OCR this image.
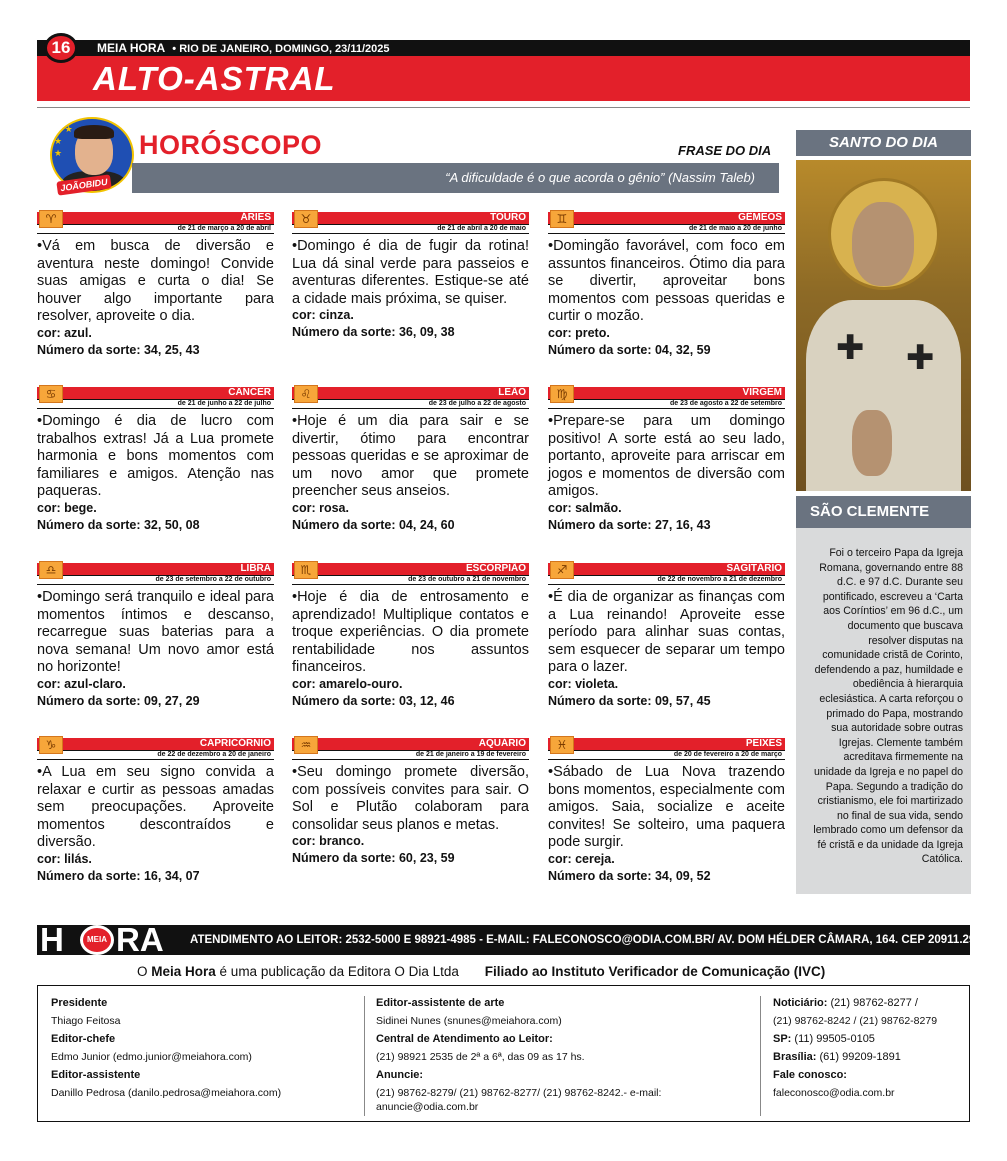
MEIA HORA • RIO DE JANEIRO, DOMINGO, 23/11/2025
16
ALTO-ASTRAL
★ ★
★
★
JOÃOBIDU
HORÓSCOPO	FRASE DO DIA
“A dificuldade é o que acorda o gênio” (Nassim Taleb)
♈	ÁRIES
de 21 de março a 20 de abril
•Vá em busca de diversão e aventura neste domingo! Convide suas amigas e curta o dia! Se houver algo importante para resolver, aproveite o dia.
cor: azul.
Número da sorte: 34, 25, 43
♉	TOURO
de 21 de abril a 20 de maio
•Domingo é dia de fugir da rotina! Lua dá sinal verde para passeios e aventuras diferentes. Estique-se até a cidade mais próxima, se quiser.
cor: cinza.
Número da sorte: 36, 09, 38
♊	GÊMEOS
de 21 de maio a 20 de junho
•Domingão favorável, com foco em assuntos financeiros. Ótimo dia para se divertir, aproveitar bons momentos com pessoas queridas e curtir o mozão.
cor: preto.
Número da sorte: 04, 32, 59
♋	CÂNCER
de 21 de junho a 22 de julho
•Domingo é dia de lucro com trabalhos extras! Já a Lua promete harmonia e bons momentos com familiares e amigos. Atenção nas paqueras.
cor: bege.
Número da sorte: 32, 50, 08
♌	LEÃO
de 23 de julho a 22 de agosto
•Hoje é um dia para sair e se divertir, ótimo para encontrar pessoas queridas e se aproximar de um novo amor que promete preencher seus anseios.
cor: rosa.
Número da sorte: 04, 24, 60
♍	VIRGEM
de 23 de agosto a 22 de setembro
•Prepare-se para um domingo positivo! A sorte está ao seu lado, portanto, aproveite para arriscar em jogos e momentos de diversão com amigos.
cor: salmão.
Número da sorte: 27, 16, 43
♎	LIBRA
de 23 de setembro a 22 de outubro
•Domingo será tranquilo e ideal para momentos íntimos e descanso, recarregue suas baterias para a nova semana! Um novo amor está no horizonte!
cor: azul-claro.
Número da sorte: 09, 27, 29
♏	ESCORPIÃO
de 23 de outubro a 21 de novembro
•Hoje é dia de entrosamento e aprendizado! Multiplique contatos e troque experiências. O dia promete rentabilidade nos assuntos financeiros.
cor: amarelo-ouro.
Número da sorte: 03, 12, 46
♐	SAGITÁRIO
de 22 de novembro a 21 de dezembro
•É dia de organizar as finanças com a Lua reinando! Aproveite esse período para alinhar suas contas, sem esquecer de separar um tempo para o lazer.
cor: violeta.
Número da sorte: 09, 57, 45
♑	CAPRICÓRNIO
de 22 de dezembro a 20 de janeiro
•A Lua em seu signo convida a relaxar e curtir as pessoas amadas sem preocupações. Aproveite momentos descontraídos e diversão.
cor: lilás.
Número da sorte: 16, 34, 07
♒	AQUÁRIO
de 21 de janeiro a 19 de fevereiro
•Seu domingo promete diversão, com possíveis convites para sair. O Sol e Plutão colaboram para consolidar seus planos e metas.
cor: branco.
Número da sorte: 60, 23, 59
♓	PEIXES
de 20 de fevereiro a 20 de março
•Sábado de Lua Nova trazendo bons momentos, especialmente com amigos. Saia, socialize e aceite convites! Se solteiro, uma paquera pode surgir.
cor: cereja.
Número da sorte: 34, 09, 52
SANTO DO DIA
✚ ✚
SÃO CLEMENTE
Foi o terceiro Papa da Igreja Romana, governando entre 88 d.C. e 97 d.C. Durante seu pontificado, escreveu a ‘Carta aos Coríntios’ em 96 d.C., um documento que buscava resolver disputas na comunidade cristã de Corinto, defendendo a paz, humildade e obediência à hierarquia eclesiástica. A carta reforçou o primado do Papa, mostrando sua autoridade sobre outras Igrejas. Clemente também acreditava firmemente na unidade da Igreja e no papel do Papa. Segundo a tradição do cristianismo, ele foi martirizado no final de sua vida, sendo lembrado como um defensor da fé cristã e da unidade da Igreja Católica.
H	MEIA RA ATENDIMENTO AO LEITOR: 2532-5000 E 98921-4985 - E-MAIL: FALECONOSCO@ODIA.COM.BR/ AV. DOM HÉLDER CÂMARA, 164. CEP 20911.292, RJ
O Meia Hora é uma publicação da Editora O Dia Ltda Filiado ao Instituto Verificador de Comunicação (IVC)
Presidente
Thiago Feitosa
Editor-chefe
Edmo Junior (edmo.junior@meiahora.com)
Editor-assistente
Danillo Pedrosa (danilo.pedrosa@meiahora.com)
Editor-assistente de arte
Sidinei Nunes (snunes@meiahora.com)
Central de Atendimento ao Leitor:
(21) 98921 2535 de 2ª a 6ª, das 09 as 17 hs.
Anuncie:
(21) 98762-8279/ (21) 98762-8277/ (21) 98762-8242.- e-mail: anuncie@odia.com.br
Noticiário: (21) 98762-8277 /
(21) 98762-8242 / (21) 98762-8279
SP: (11) 99505-0105
Brasília: (61) 99209-1891
Fale conosco:
faleconosco@odia.com.br
